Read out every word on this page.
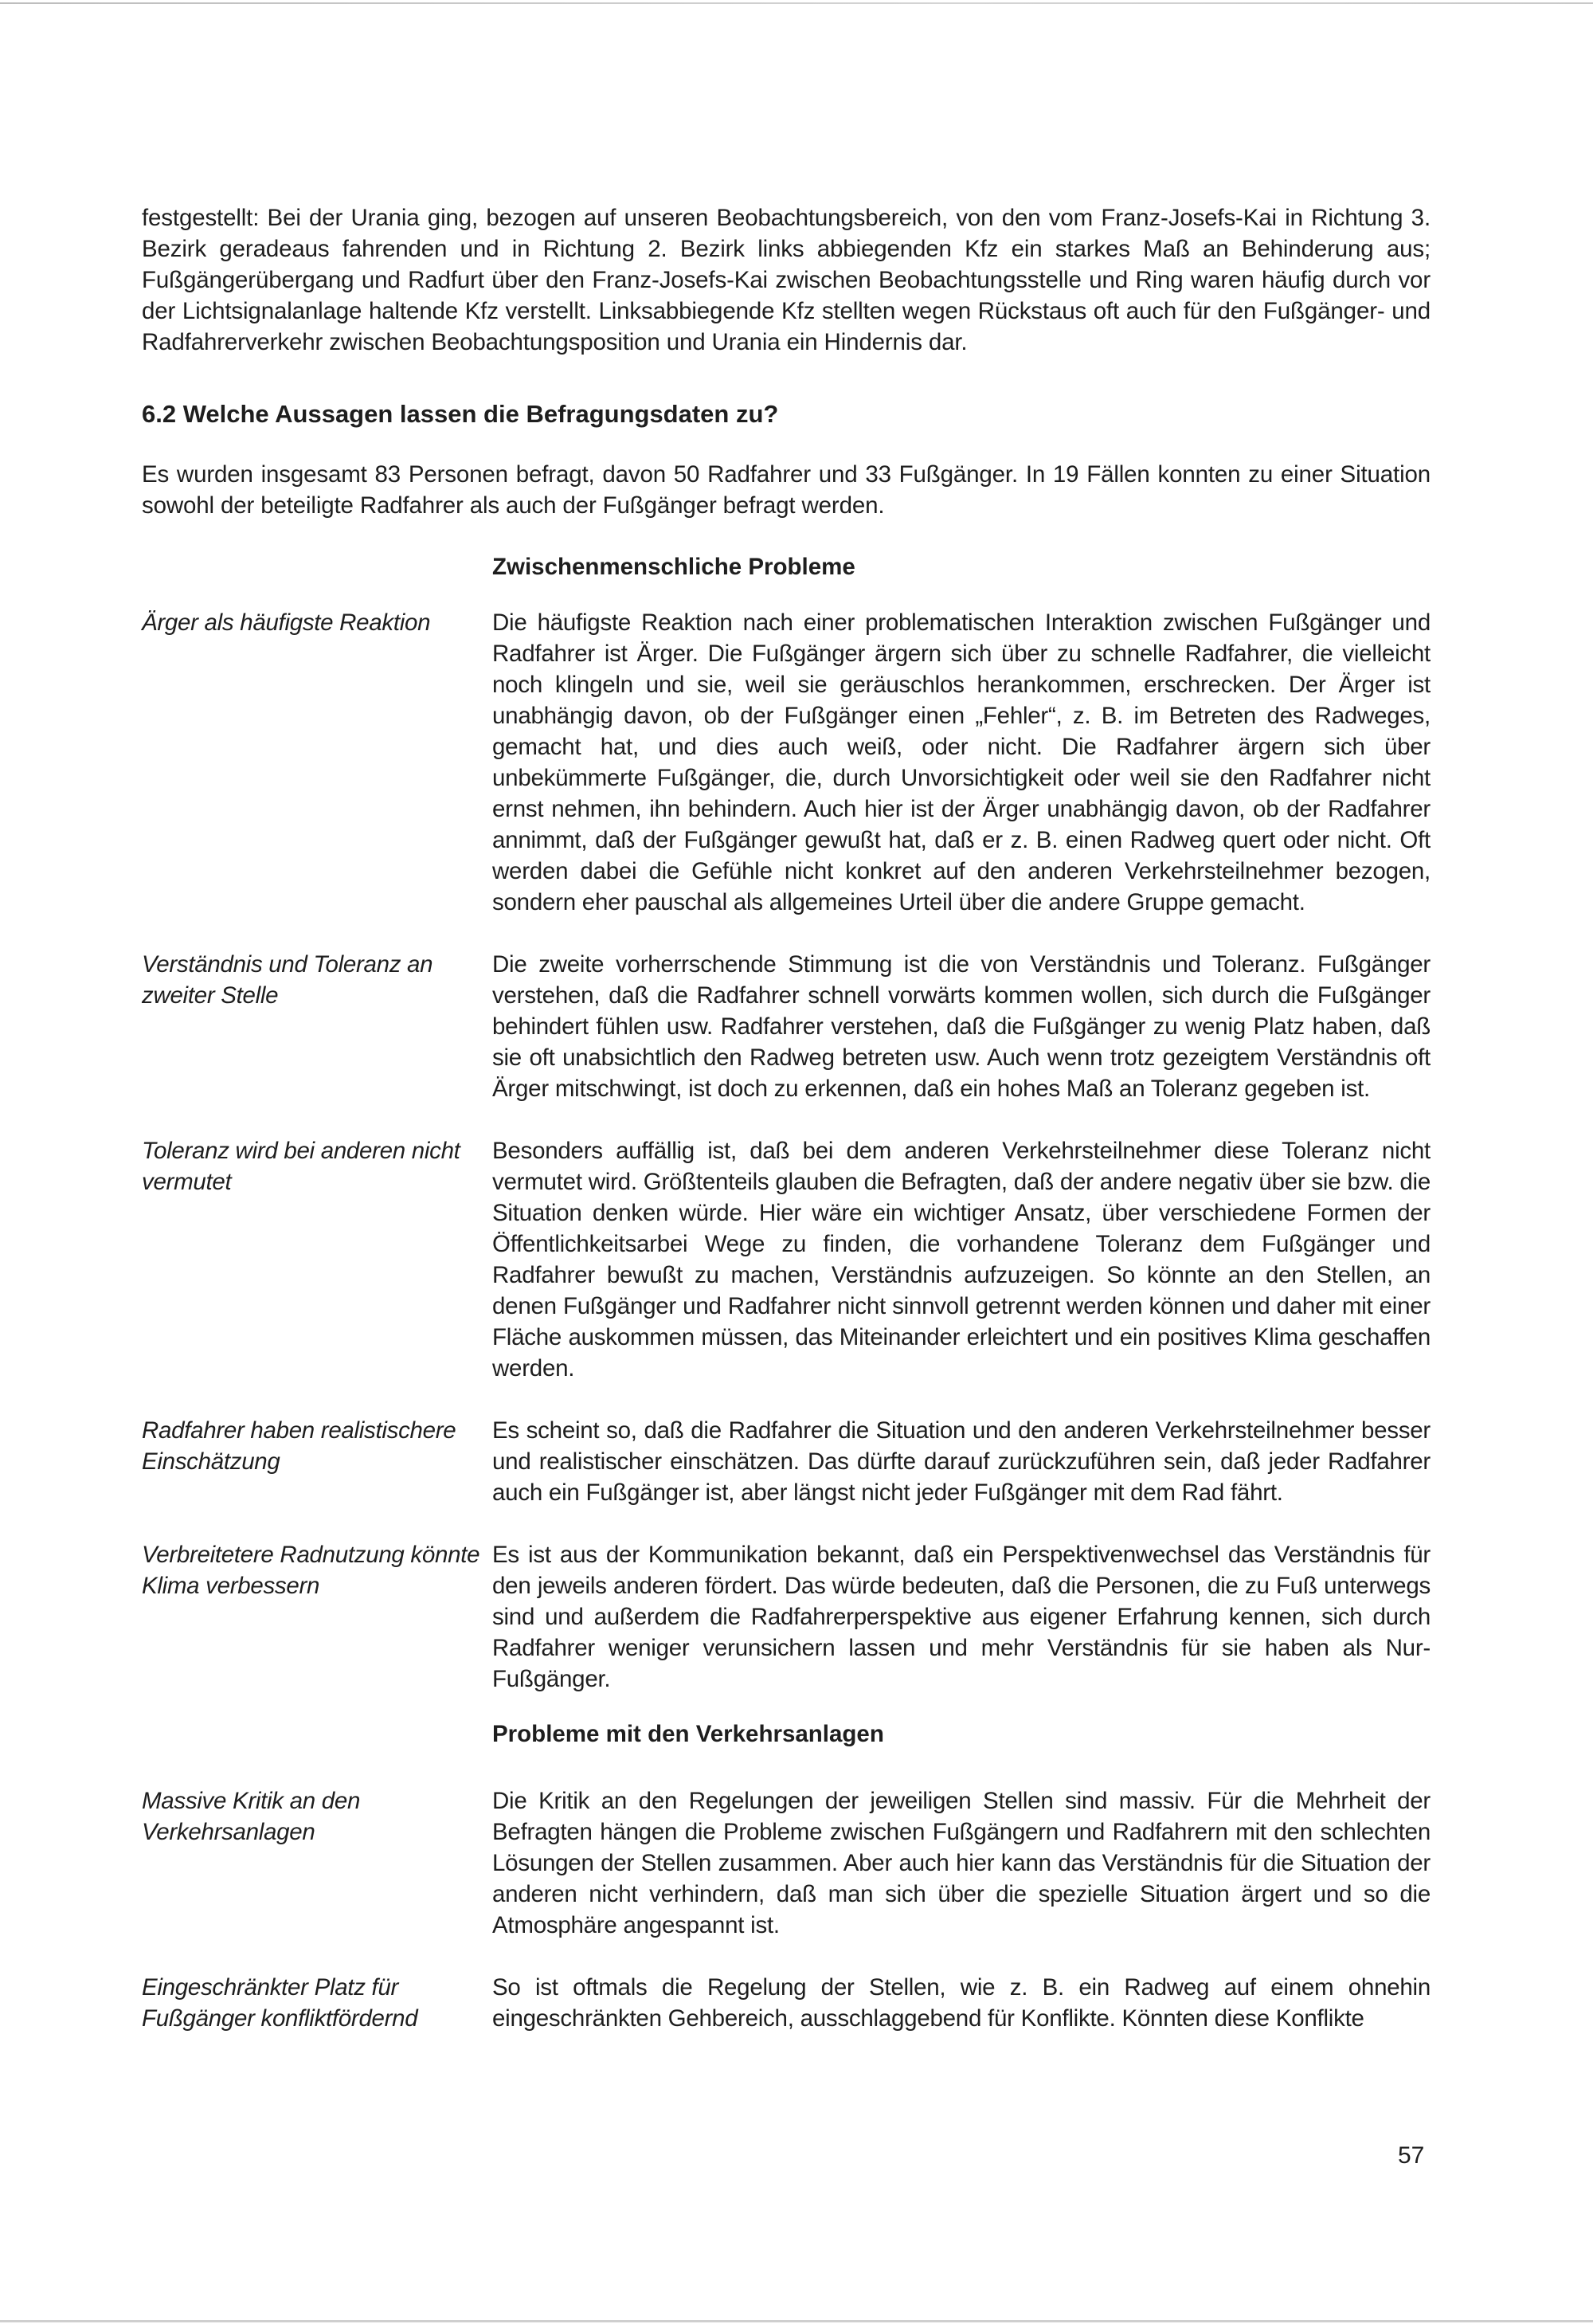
festgestellt: Bei der Urania ging, bezogen auf unseren Beobachtungsbereich, von den vom Franz-Josefs-Kai in Richtung 3. Bezirk geradeaus fahrenden und in Richtung 2. Bezirk links abbiegenden Kfz ein starkes Maß an Behinderung aus; Fußgängerübergang und Radfurt über den Franz-Josefs-Kai zwischen Beobachtungsstelle und Ring waren häufig durch vor der Lichtsignalanlage haltende Kfz verstellt. Linksabbiegende Kfz stellten wegen Rückstaus oft auch für den Fußgänger- und Radfahrerverkehr zwischen Beobachtungsposition und Urania ein Hindernis dar.

6.2 Welche Aussagen lassen die Befragungsdaten zu?

Es wurden insgesamt 83 Personen befragt, davon 50 Radfahrer und 33 Fußgänger. In 19 Fällen konnten zu einer Situation sowohl der beteiligte Radfahrer als auch der Fußgänger befragt werden.

Zwischenmenschliche Probleme
Ärger als häufigste Reaktion	Die häufigste Reaktion nach einer problematischen Interaktion zwischen Fußgänger und Radfahrer ist Ärger. Die Fußgänger ärgern sich über zu schnelle Radfahrer, die vielleicht noch klingeln und sie, weil sie geräuschlos herankommen, erschrecken. Der Ärger ist unabhängig davon, ob der Fußgänger einen „Fehler“, z. B. im Betreten des Radweges, gemacht hat, und dies auch weiß, oder nicht. Die Radfahrer ärgern sich über unbekümmerte Fußgänger, die, durch Unvorsichtigkeit oder weil sie den Radfahrer nicht ernst nehmen, ihn behindern. Auch hier ist der Ärger unabhängig davon, ob der Radfahrer annimmt, daß der Fußgänger gewußt hat, daß er z. B. einen Radweg quert oder nicht. Oft werden dabei die Gefühle nicht konkret auf den anderen Verkehrsteilnehmer bezogen, sondern eher pauschal als allgemeines Urteil über die andere Gruppe gemacht.

Verständnis und Toleranz an zweiter Stelle

Die zweite vorherrschende Stimmung ist die von Verständnis und Toleranz. Fußgänger verstehen, daß die Radfahrer schnell vorwärts kommen wollen, sich durch die Fußgänger behindert fühlen usw. Radfahrer verstehen, daß die Fußgänger zu wenig Platz haben, daß sie oft unabsichtlich den Radweg betreten usw. Auch wenn trotz gezeigtem Verständnis oft Ärger mitschwingt, ist doch zu erkennen, daß ein hohes Maß an Toleranz gegeben ist.

Toleranz wird bei anderen nicht vermutet

Besonders auffällig ist, daß bei dem anderen Verkehrsteilnehmer diese Toleranz nicht vermutet wird. Größtenteils glauben die Befragten, daß der andere negativ über sie bzw. die Situation denken würde. Hier wäre ein wichtiger Ansatz, über verschiedene Formen der Öffentlichkeitsarbei Wege zu finden, die vorhandene Toleranz dem Fußgänger und Radfahrer bewußt zu machen, Verständnis aufzuzeigen. So könnte an den Stellen, an denen Fußgänger und Radfahrer nicht sinnvoll getrennt werden können und daher mit einer Fläche auskommen müssen, das Miteinander erleichtert und ein positives Klima geschaffen werden.

Radfahrer haben realistischere Einschätzung

Es scheint so, daß die Radfahrer die Situation und den anderen Verkehrsteilnehmer besser und realistischer einschätzen. Das dürfte darauf zurückzuführen sein, daß jeder Radfahrer auch ein Fußgänger ist, aber längst nicht jeder Fußgänger mit dem Rad fährt.

Verbreitetere Radnutzung könnte Klima verbessern

Es ist aus der Kommunikation bekannt, daß ein Perspektivenwechsel das Verständnis für den jeweils anderen fördert. Das würde bedeuten, daß die Personen, die zu Fuß unterwegs sind und außerdem die Radfahrerperspektive aus eigener Erfahrung kennen, sich durch Radfahrer weniger verunsichern lassen und mehr Verständnis für sie haben als Nur-Fußgänger.

Probleme mit den Verkehrsanlagen
Massive Kritik an den Verkehrsanlagen

Die Kritik an den Regelungen der jeweiligen Stellen sind massiv. Für die Mehrheit der Befragten hängen die Probleme zwischen Fußgängern und Radfahrern mit den schlechten Lösungen der Stellen zusammen. Aber auch hier kann das Verständnis für die Situation der anderen nicht verhindern, daß man sich über die spezielle Situation ärgert und so die Atmosphäre angespannt ist.

Eingeschränkter Platz für Fußgänger konfliktfördernd

So ist oftmals die Regelung der Stellen, wie z. B. ein Radweg auf einem ohnehin eingeschränkten Gehbereich, ausschlaggebend für Konflikte. Könnten diese Konflikte

57
